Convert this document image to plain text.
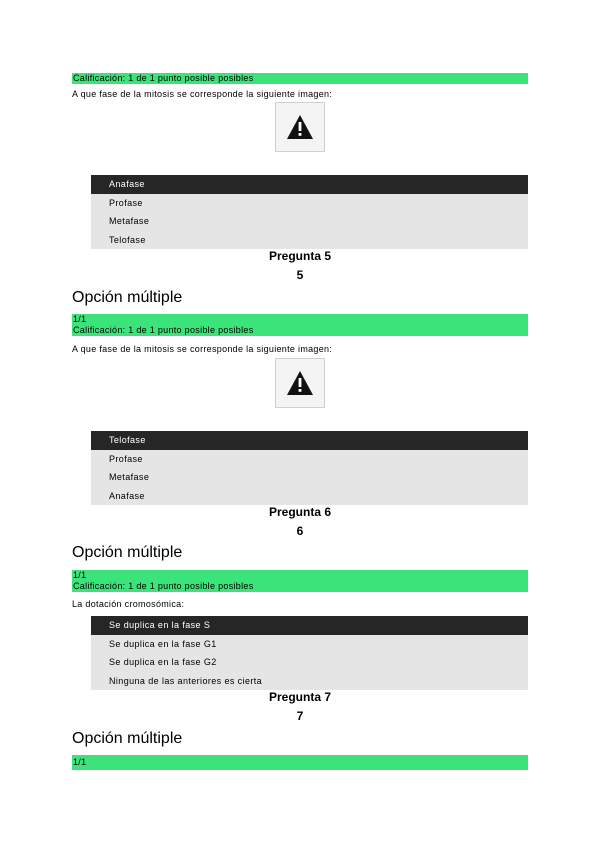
Calificación: 1 de 1 punto posible posibles
A que fase de la mitosis se corresponde la siguiente imagen:
Anafase
Profase
Metafase
Telofase
Pregunta 5
5
Opción múltiple
1/1
Calificación: 1 de 1 punto posible posibles
A que fase de la mitosis se corresponde la siguiente imagen:
Telofase
Profase
Metafase
Anafase
Pregunta 6
6
Opción múltiple
1/1
Calificación: 1 de 1 punto posible posibles
La dotación cromosómica:
Se duplica en la fase S
Se duplica en la fase G1
Se duplica en la fase G2
Ninguna de las anteriores es cierta
Pregunta 7
7
Opción múltiple
1/1
